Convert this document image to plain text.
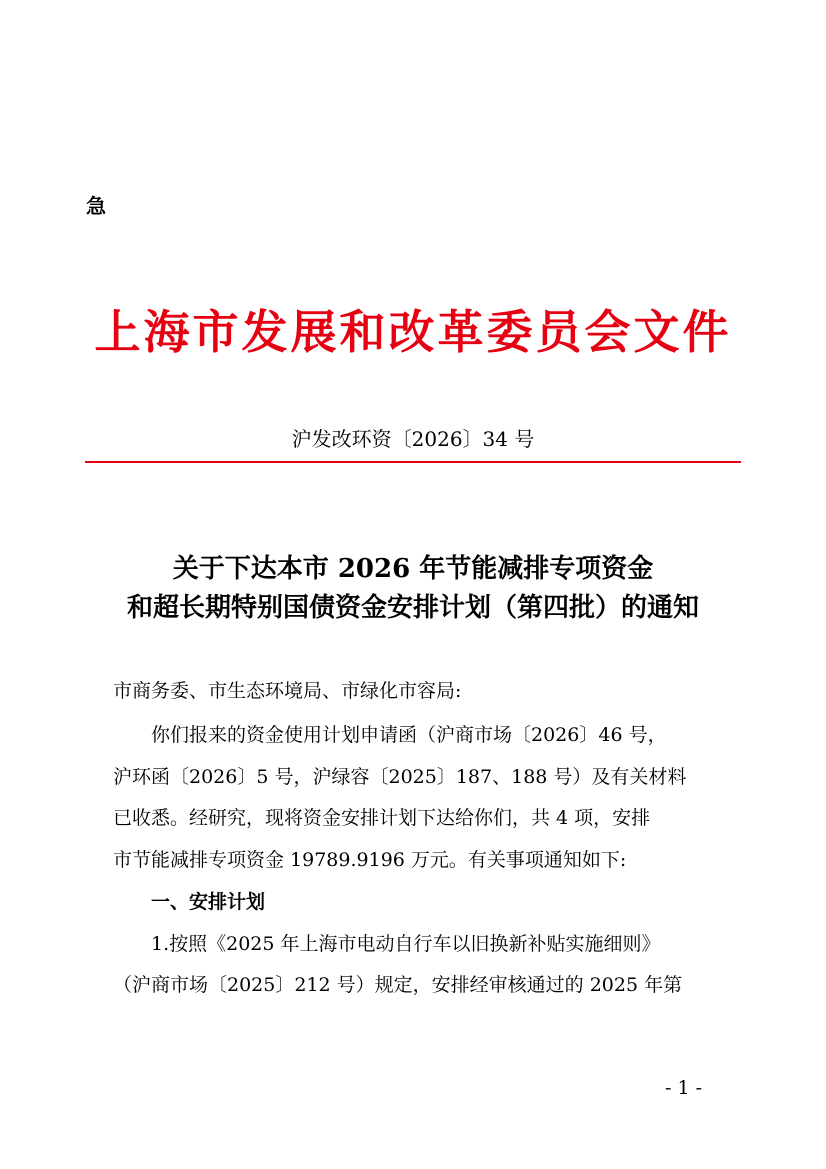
急
上海市发展和改革委员会文件
沪发改环资〔2026〕34 号
关于下达本市 2026 年节能减排专项资金
和超长期特别国债资金安排计划（第四批）的通知
市商务委、市生态环境局、市绿化市容局:
你们报来的资金使用计划申请函（沪商市场〔2026〕46 号，
沪环函〔2026〕5 号，沪绿容〔2025〕187、188 号）及有关材料
已收悉。经研究，现将资金安排计划下达给你们，共 4 项，安排
市节能减排专项资金 19789.9196 万元。有关事项通知如下:
一、安排计划
1.按照《2025 年上海市电动自行车以旧换新补贴实施细则》
（沪商市场〔2025〕212 号）规定，安排经审核通过的 2025 年第
- 1 -
